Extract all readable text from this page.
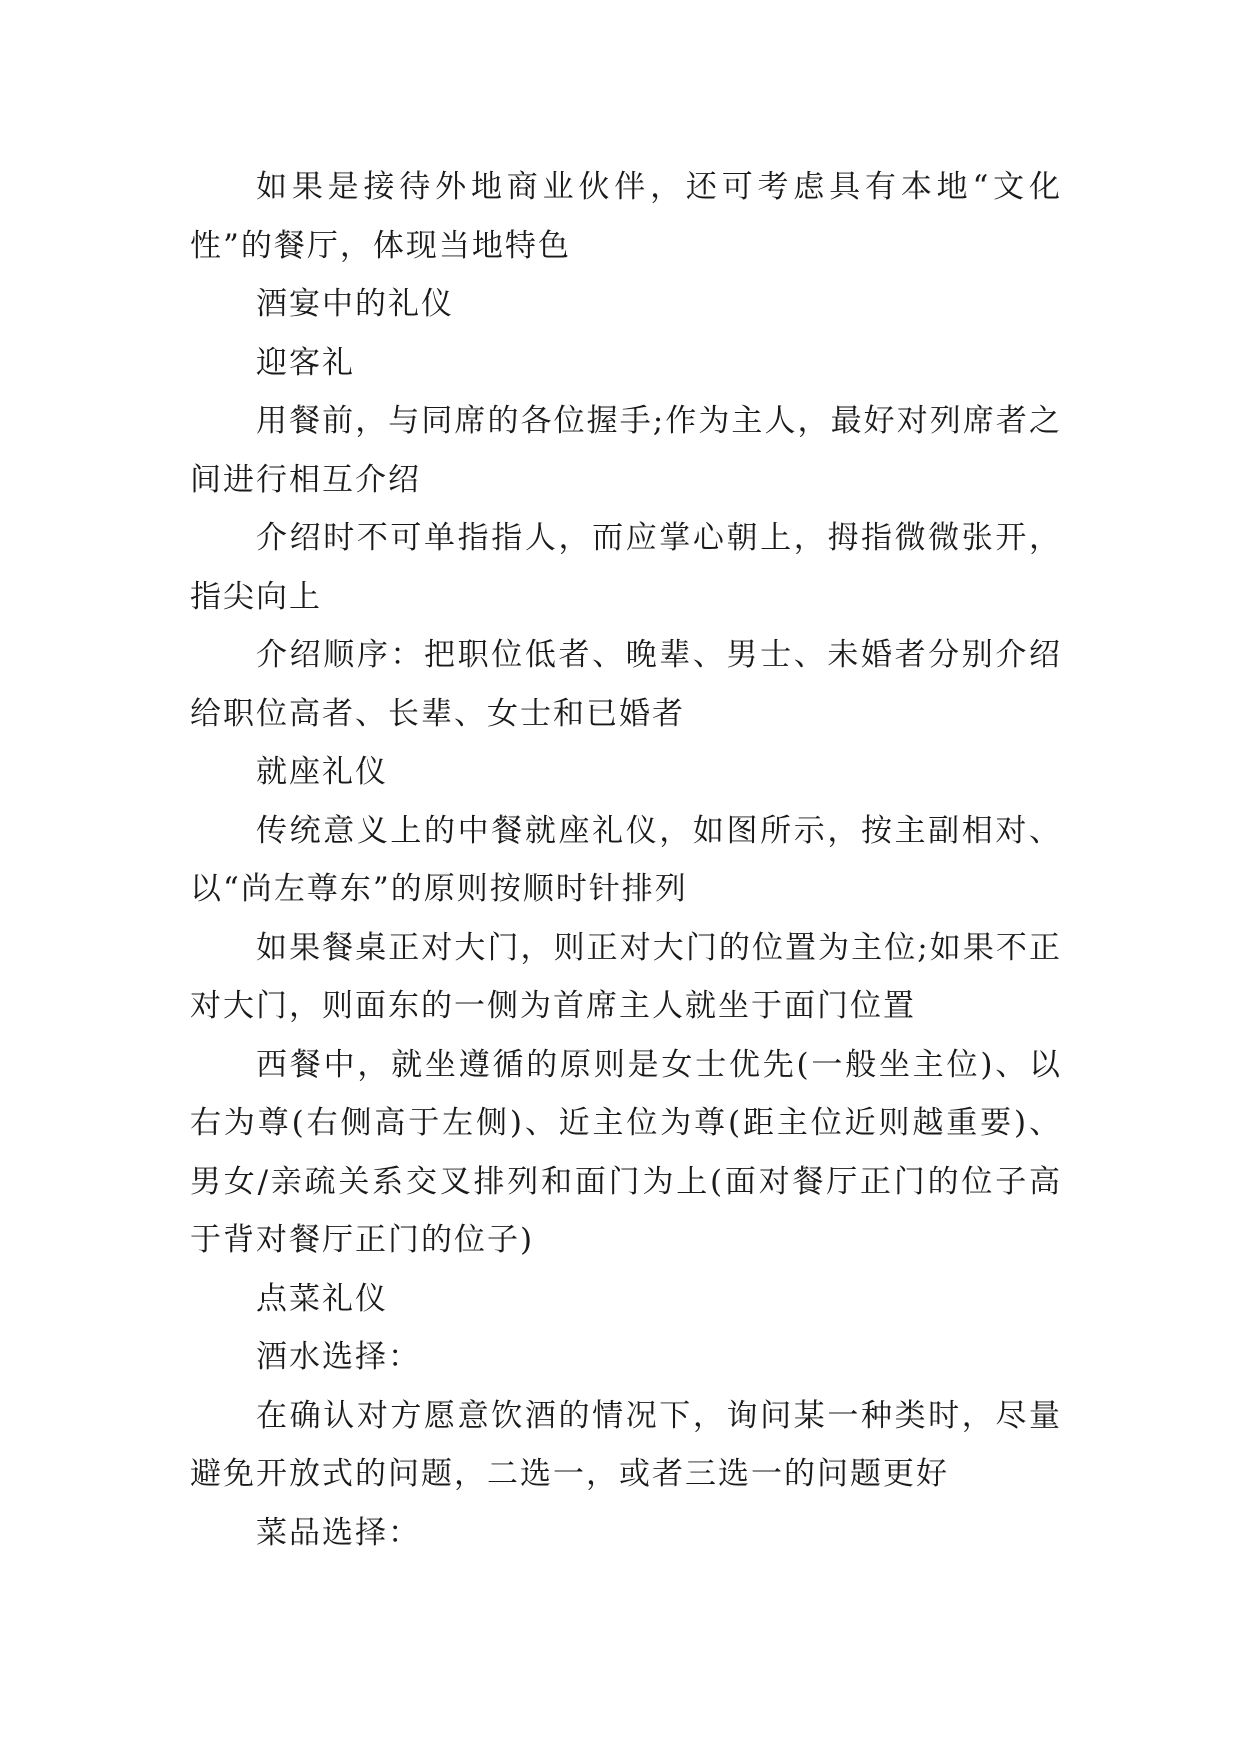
如果是接待外地商业伙伴，还可考虑具有本地“文化性”的餐厅，体现当地特色

酒宴中的礼仪

迎客礼

用餐前，与同席的各位握手;作为主人，最好对列席者之间进行相互介绍

介绍时不可单指指人，而应掌心朝上，拇指微微张开，指尖向上

介绍顺序：把职位低者、晚辈、男士、未婚者分别介绍给职位高者、长辈、女士和已婚者

就座礼仪

传统意义上的中餐就座礼仪，如图所示，按主副相对、以“尚左尊东”的原则按顺时针排列

如果餐桌正对大门，则正对大门的位置为主位;如果不正对大门，则面东的一侧为首席主人就坐于面门位置

西餐中，就坐遵循的原则是女士优先(一般坐主位)、以右为尊(右侧高于左侧)、近主位为尊(距主位近则越重要)、男女/亲疏关系交叉排列和面门为上(面对餐厅正门的位子高于背对餐厅正门的位子)

点菜礼仪

酒水选择：

在确认对方愿意饮酒的情况下，询问某一种类时，尽量避免开放式的问题，二选一，或者三选一的问题更好

菜品选择：
